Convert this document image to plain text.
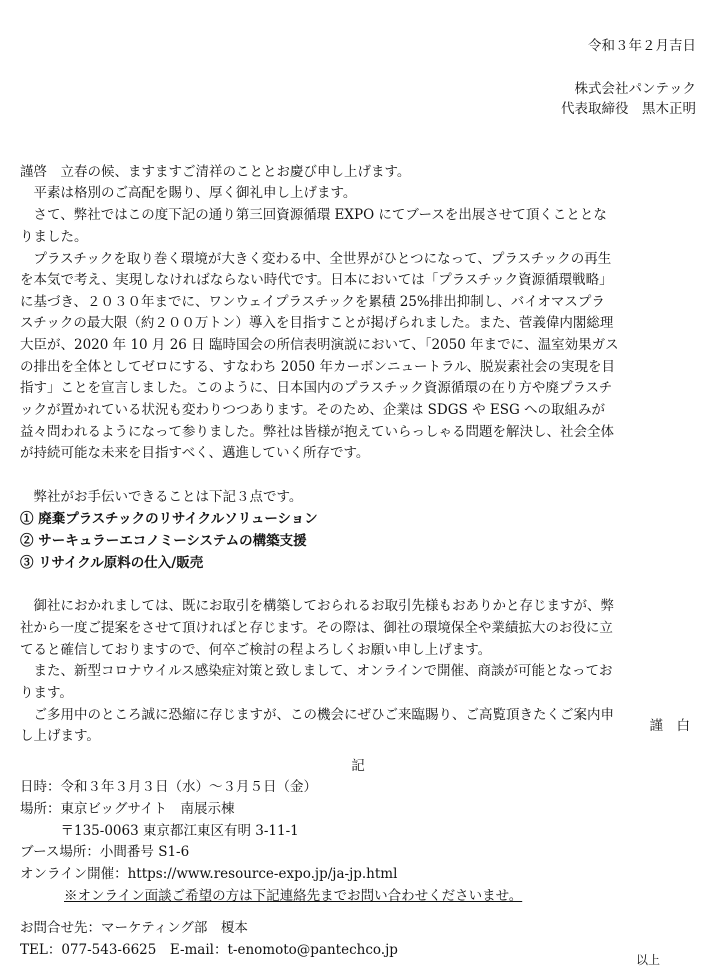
令和３年２月吉日
株式会社パンテック
代表取締役　黒木正明
謹啓　立春の候、ますますご清祥のこととお慶び申し上げます。
　平素は格別のご高配を賜り、厚く御礼申し上げます。
　さて、弊社ではこの度下記の通り第三回資源循環 EXPO にてブースを出展させて頂くこととな
りました。
　プラスチックを取り巻く環境が大きく変わる中、全世界がひとつになって、プラスチックの再生
を本気で考え、実現しなければならない時代です。日本においては「プラスチック資源循環戦略」
に基づき、２０３０年までに、ワンウェイプラスチックを累積 25%排出抑制し、バイオマスプラ
スチックの最大限（約２００万トン）導入を目指すことが掲げられました。また、菅義偉内閣総理
大臣が、2020 年 10 月 26 日 臨時国会の所信表明演説において、「2050 年までに、温室効果ガス
の排出を全体としてゼロにする、すなわち 2050 年カーボンニュートラル、脱炭素社会の実現を目
指す」ことを宣言しました。このように、日本国内のプラスチック資源循環の在り方や廃プラスチ
ックが置かれている状況も変わりつつあります。そのため、企業は SDGS や ESG への取組みが
益々問われるようになって参りました。弊社は皆様が抱えていらっしゃる問題を解決し、社会全体
が持続可能な未来を目指すべく、邁進していく所存です。
　弊社がお手伝いできることは下記３点です。
① 廃棄プラスチックのリサイクルソリューション
② サーキュラーエコノミーシステムの構築支援
③ リサイクル原料の仕入/販売
　御社におかれましては、既にお取引を構築しておられるお取引先様もおありかと存じますが、弊
社から一度ご提案をさせて頂ければと存じます。その際は、御社の環境保全や業績拡大のお役に立
てると確信しておりますので、何卒ご検討の程よろしくお願い申し上げます。
　また、新型コロナウイルス感染症対策と致しまして、オンラインで開催、商談が可能となってお
ります。
　ご多用中のところ誠に恐縮に存じますが、この機会にぜひご来臨賜り、ご高覧頂きたくご案内申
し上げます。
謹　白
記
日時：令和３年３月３日（水）～３月５日（金）
場所：東京ビッグサイト　南展示棟
　　　〒135-0063 東京都江東区有明 3-11-1
ブース場所：小間番号 S1-6
オンライン開催：https://www.resource-expo.jp/ja-jp.html
※オンライン面談ご希望の方は下記連絡先までお問い合わせくださいませ。
お問合せ先：マーケティング部　榎本
TEL：077-543-6625　E-mail：t-enomoto@pantechco.jp
以上
